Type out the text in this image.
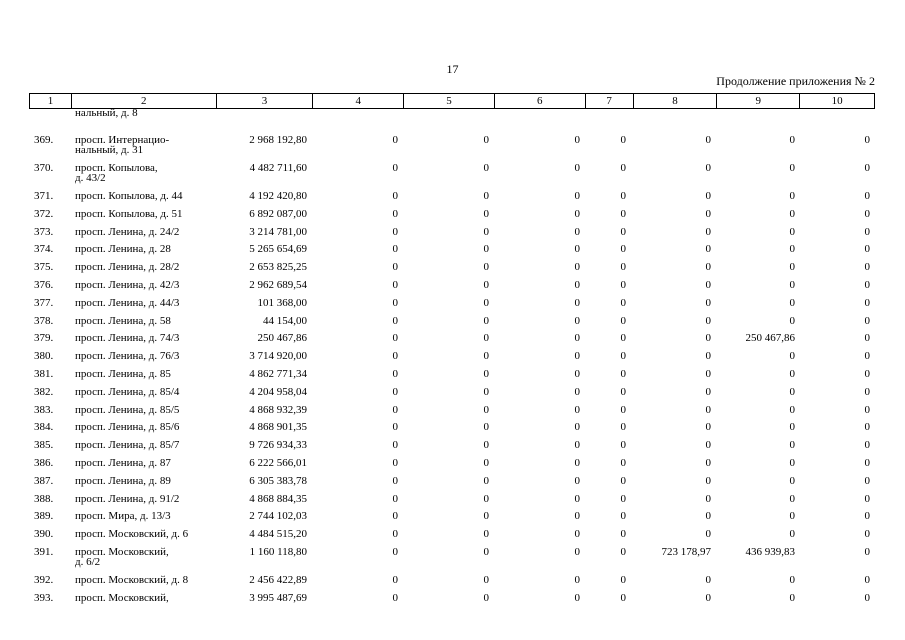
17
Продолжение приложения № 2
1	2	3	4	5	6	7	8	9	10
нальный, д. 8
369. просп. Интернацио-
нальный, д. 31
2 968 192,80	0	0	0	0	0	0	0
370. просп. Копылова,
д. 43/2
4 482 711,60	0	0	0	0	0	0	0
371. просп. Копылова, д. 44	4 192 420,80	0	0	0	0	0	0	0
372. просп. Копылова, д. 51	6 892 087,00	0	0	0	0	0	0	0
373. просп. Ленина, д. 24/2	3 214 781,00	0	0	0	0	0	0	0
374. просп. Ленина, д. 28	5 265 654,69	0	0	0	0	0	0	0
375. просп. Ленина, д. 28/2	2 653 825,25	0	0	0	0	0	0	0
376. просп. Ленина, д. 42/3	2 962 689,54	0	0	0	0	0	0	0
377. просп. Ленина, д. 44/3	101 368,00	0	0	0	0	0	0	0
378. просп. Ленина, д. 58	44 154,00	0	0	0	0	0	0	0
379. просп. Ленина, д. 74/3	250 467,86	0	0	0	0	0	250 467,86	0
380. просп. Ленина, д. 76/3	3 714 920,00	0	0	0	0	0	0	0
381. просп. Ленина, д. 85	4 862 771,34	0	0	0	0	0	0	0
382. просп. Ленина, д. 85/4	4 204 958,04	0	0	0	0	0	0	0
383. просп. Ленина, д. 85/5	4 868 932,39	0	0	0	0	0	0	0
384. просп. Ленина, д. 85/6	4 868 901,35	0	0	0	0	0	0	0
385. просп. Ленина, д. 85/7	9 726 934,33	0	0	0	0	0	0	0
386. просп. Ленина, д. 87	6 222 566,01	0	0	0	0	0	0	0
387. просп. Ленина, д. 89	6 305 383,78	0	0	0	0	0	0	0
388. просп. Ленина, д. 91/2	4 868 884,35	0	0	0	0	0	0	0
389. просп. Мира, д. 13/3	2 744 102,03	0	0	0	0	0	0	0
390. просп. Московский, д. 6	4 484 515,20	0	0	0	0	0	0	0
391. просп. Московский,
д. 6/2
1 160 118,80	0	0	0	0	723 178,97	436 939,83	0
392. просп. Московский, д. 8	2 456 422,89	0	0	0	0	0	0	0
393. просп. Московский,	3 995 487,69	0	0	0	0	0	0	0
